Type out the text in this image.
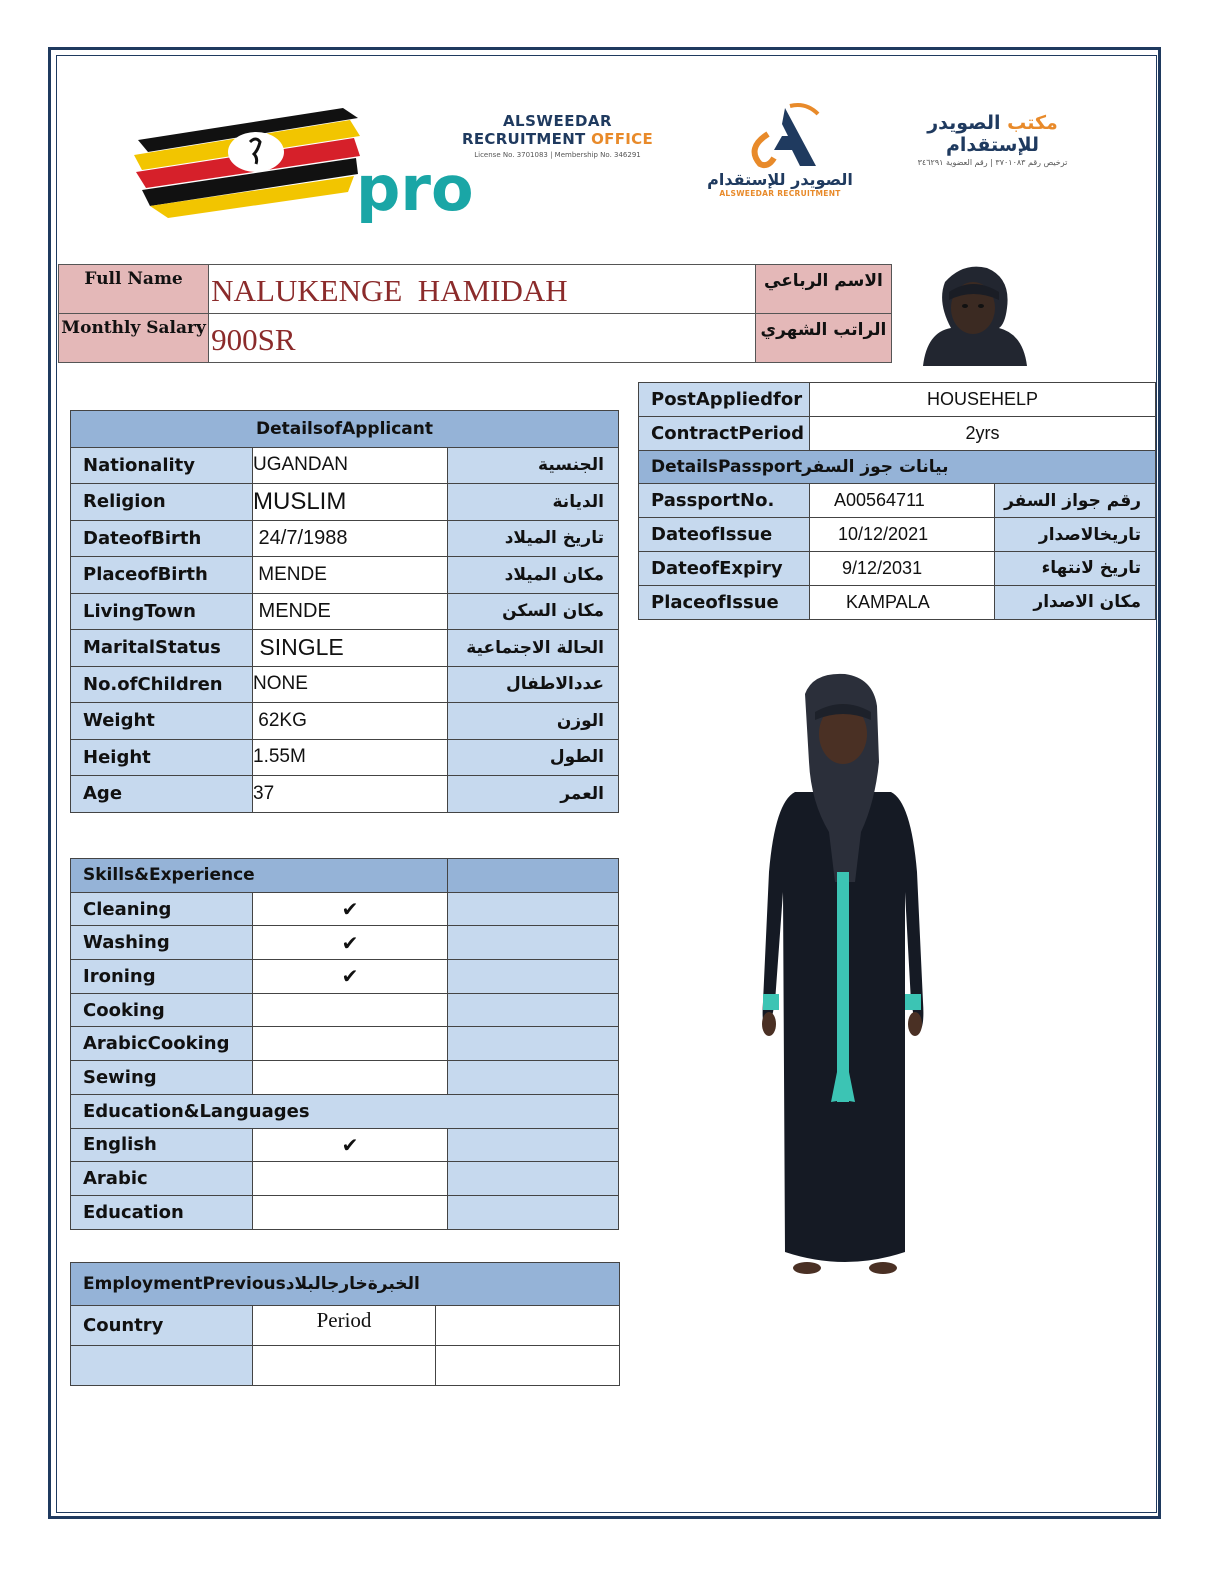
pro
ALSWEEDAR
RECRUITMENT OFFICE
License No. 3701083 | Membership No. 346291
الصويدر للإستقدام
ALSWEEDAR RECRUITMENT
مكتب الصويدر للإستقدام
ترخيص رقم ٣٧٠١٠٨٣ | رقم العضوية ٣٤٦٢٩١
Full Name	NALUKENGE  HAMIDAH	الاسم الرباعي
Monthly Salary	900SR	الراتب الشهري
DetailsofApplicant		
Nationality	UGANDAN	الجنسية
Religion	MUSLIM	الديانة
DateofBirth	24/7/1988	تاريخ الميلاد
PlaceofBirth	MENDE	مكان الميلاد
LivingTown	MENDE	مكان السكن
MaritalStatus	SINGLE	الحالة الاجتماعية
No.ofChildren	NONE	عددالاطفال
Weight	62KG	الوزن
Height	1.55M	الطول
Age	37	العمر
PostAppliedfor	HOUSEHELP	
ContractPeriod	2yrs	
DetailsPassportبيانات جوز السفر		
PassportNo.	A00564711	رقم جواز السفر
DateofIssue	10/12/2021	تاريخالاصدار
DateofExpiry	9/12/2031	تاريخ لانتهاء
PlaceofIssue	KAMPALA	مكان الاصدار
Skills&Experience		
Cleaning	✔	
Washing	✔	
Ironing	✔	
Cooking		
ArabicCooking		
Sewing		
Education&Languages		
English	✔	
Arabic		
Education		
EmploymentPreviousالخبرةخارجالبلاد		
Country	Period	
